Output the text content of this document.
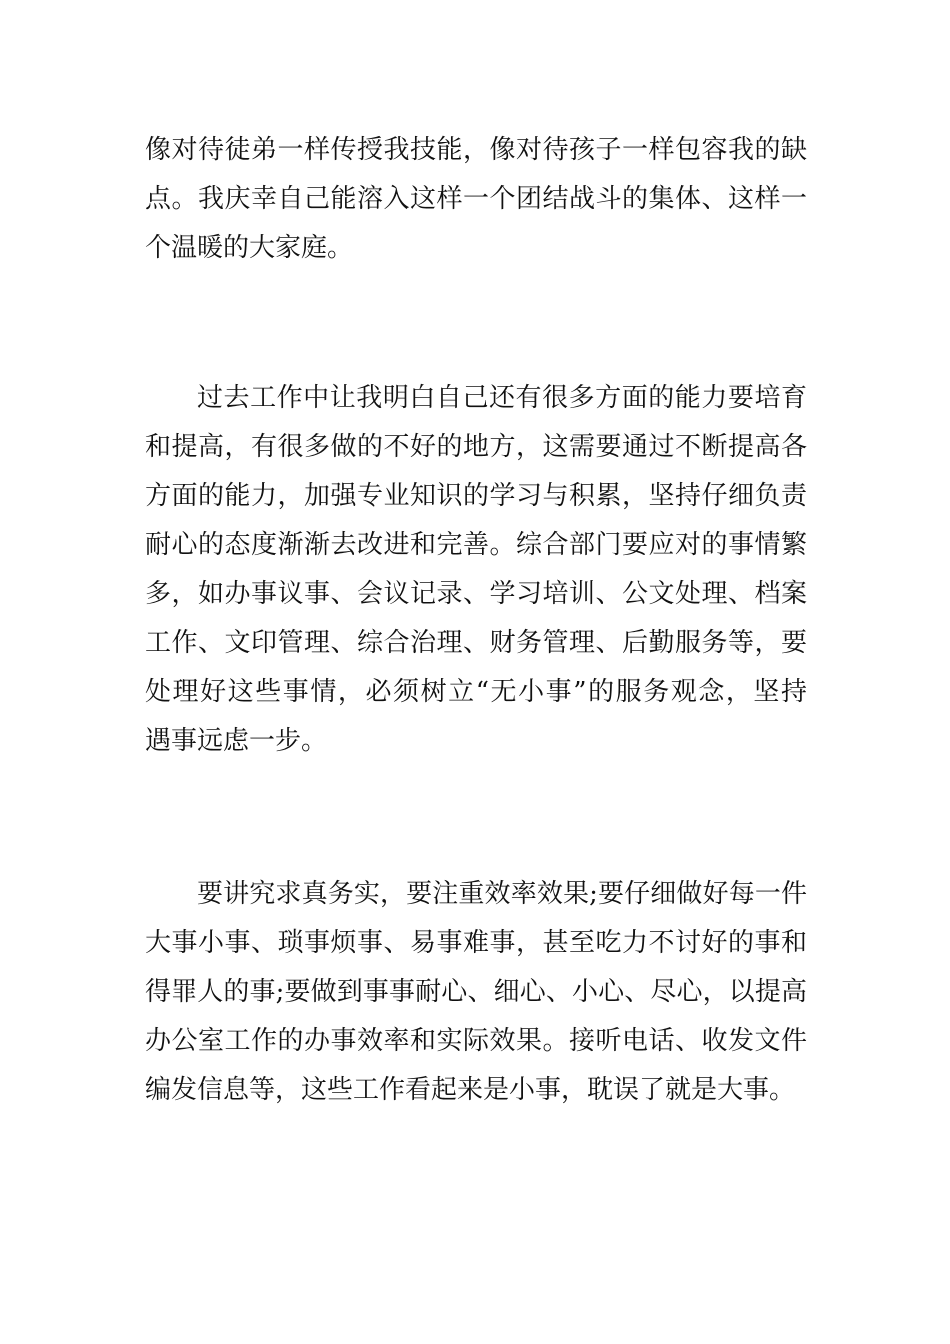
像对待徒弟一样传授我技能，像对待孩子一样包容我的缺
点。我庆幸自己能溶入这样一个团结战斗的集体、这样一
个温暖的大家庭。
过去工作中让我明白自己还有很多方面的能力要培育
和提高，有很多做的不好的地方，这需要通过不断提高各
方面的能力，加强专业知识的学习与积累，坚持仔细负责
耐心的态度渐渐去改进和完善。综合部门要应对的事情繁
多，如办事议事、会议记录、学习培训、公文处理、档案
工作、文印管理、综合治理、财务管理、后勤服务等，要
处理好这些事情，必须树立“无小事”的服务观念，坚持
遇事远虑一步。
要讲究求真务实，要注重效率效果;要仔细做好每一件
大事小事、琐事烦事、易事难事，甚至吃力不讨好的事和
得罪人的事;要做到事事耐心、细心、小心、尽心，以提高
办公室工作的办事效率和实际效果。接听电话、收发文件
编发信息等，这些工作看起来是小事，耽误了就是大事。
